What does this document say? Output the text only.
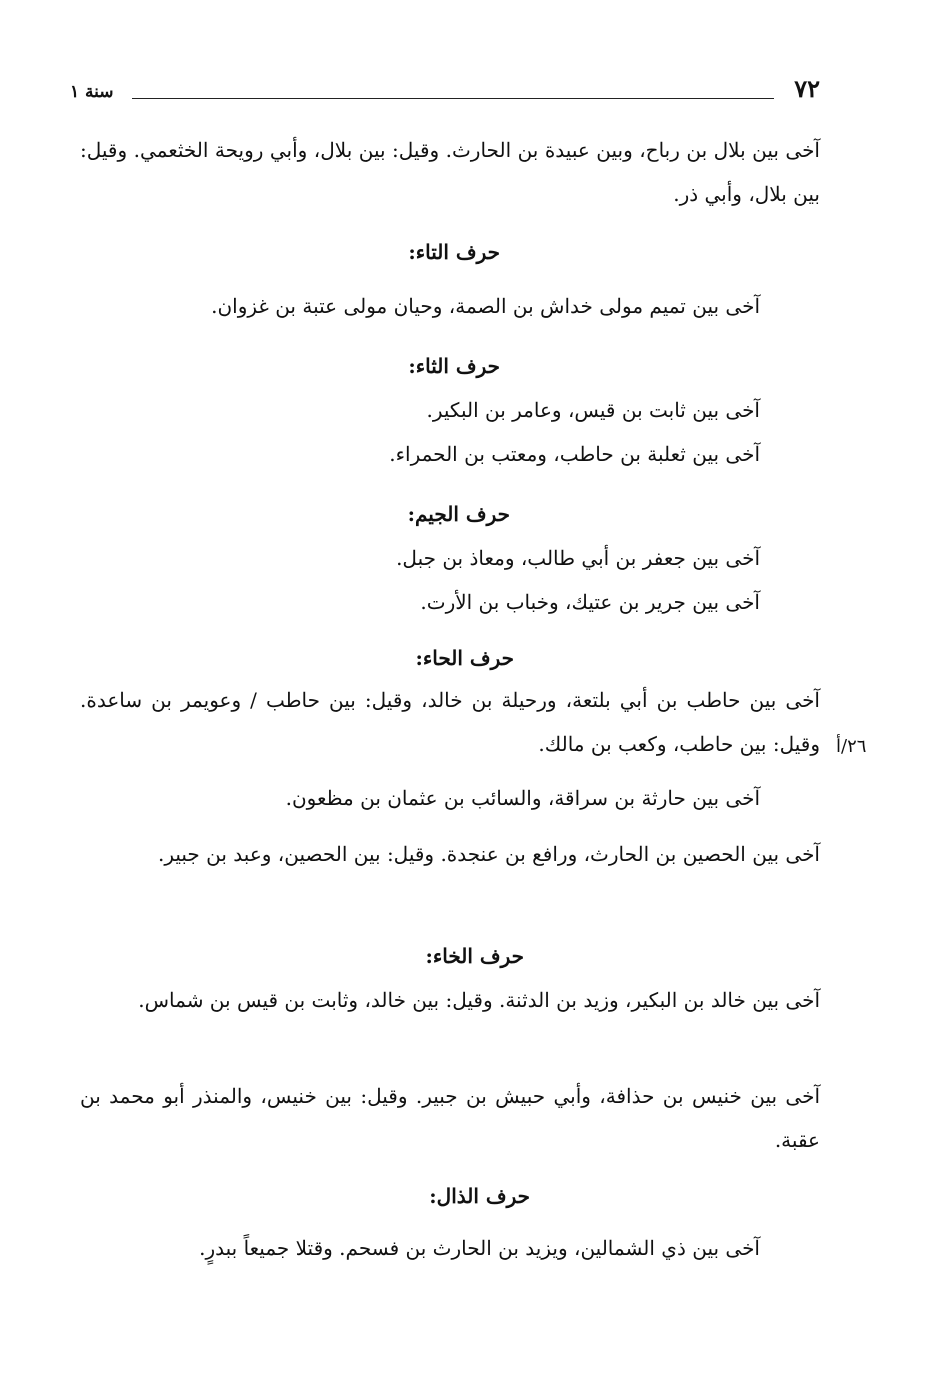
٧٢
سنة ١
آخى بين بلال بن رباح، وبين عبيدة بن الحارث. وقيل: بين بلال، وأبي رويحة الخثعمي. وقيل: بين بلال، وأبي ذر.
حرف التاء:
آخى بين تميم مولى خداش بن الصمة، وحيان مولى عتبة بن غزوان.
حرف الثاء:
آخى بين ثابت بن قيس، وعامر بن البكير.
آخى بين ثعلبة بن حاطب، ومعتب بن الحمراء.
حرف الجيم:
آخى بين جعفر بن أبي طالب، ومعاذ بن جبل.
آخى بين جرير بن عتيك، وخباب بن الأرت.
حرف الحاء:
آخى بين حاطب بن أبي بلتعة، ورحيلة بن خالد، وقيل: بين حاطب / وعويمر بن ساعدة. وقيل: بين حاطب، وكعب بن مالك. ٢٦/أ
آخى بين حارثة بن سراقة، والسائب بن عثمان بن مظعون.
آخى بين الحصين بن الحارث، ورافع بن عنجدة. وقيل: بين الحصين، وعبد بن جبير.
حرف الخاء:
آخى بين خالد بن البكير، وزيد بن الدثنة. وقيل: بين خالد، وثابت بن قيس بن شماس.
آخى بين خنيس بن حذافة، وأبي حبيش بن جبير. وقيل: بين خنيس، والمنذر أبو محمد بن عقبة.
حرف الذال:
آخى بين ذي الشمالين، ويزيد بن الحارث بن فسحم. وقتلا جميعاً ببدرٍ.
